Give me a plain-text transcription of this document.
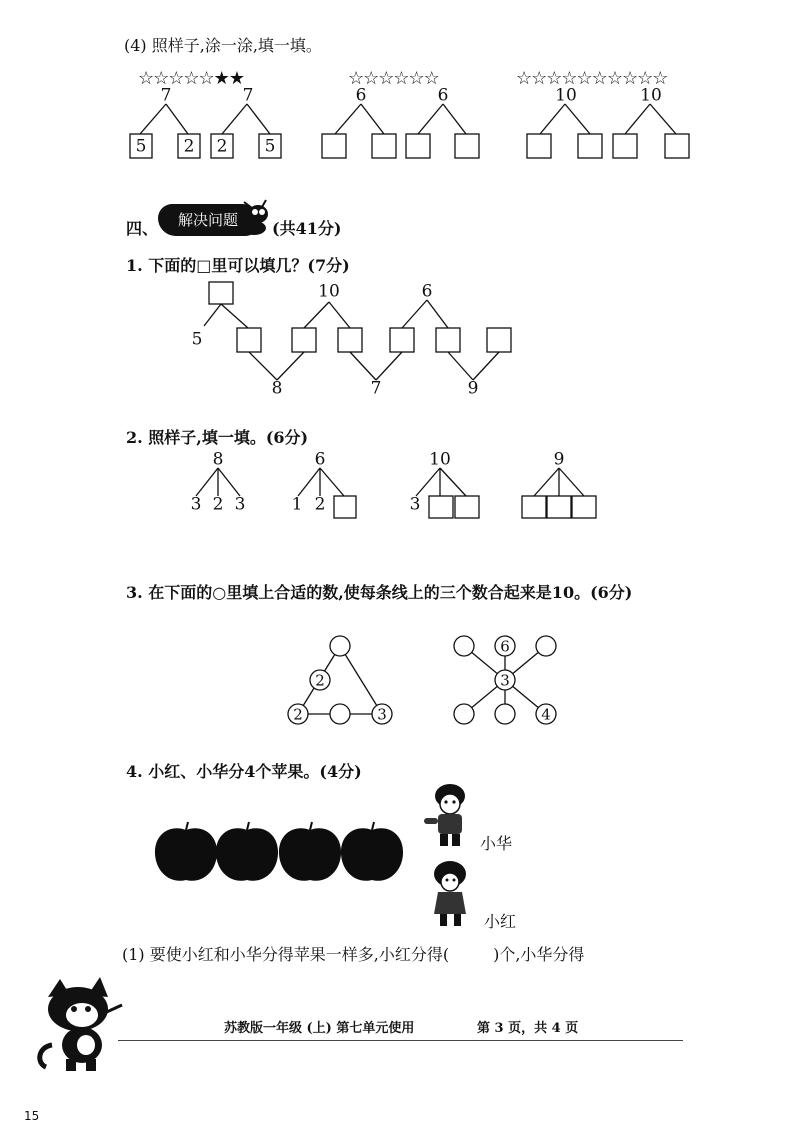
(4) 照样子,涂一涂,填一填。
☆☆☆☆☆★★	☆☆☆☆☆☆	☆☆☆☆☆☆☆☆☆☆
7	7	6	6	10	10
5 2 2 5
四、	解决问题	(共41分)
1. 下面的□里可以填几？(7分)
5
10	6
8	7	9
2. 照样子,填一填。(6分)
8
3 2 3
6
1 2
10
3
9
3. 在下面的○里填上合适的数,使每条线上的三个数合起来是10。(6分)
2
2	3
6
3
4
4. 小红、小华分4个苹果。(4分)
小华
小红
(1) 要使小红和小华分得苹果一样多,小红分得(	)个,小华分得
苏教版一年级 (上) 第七单元使用	第 3 页，共 4 页
15
